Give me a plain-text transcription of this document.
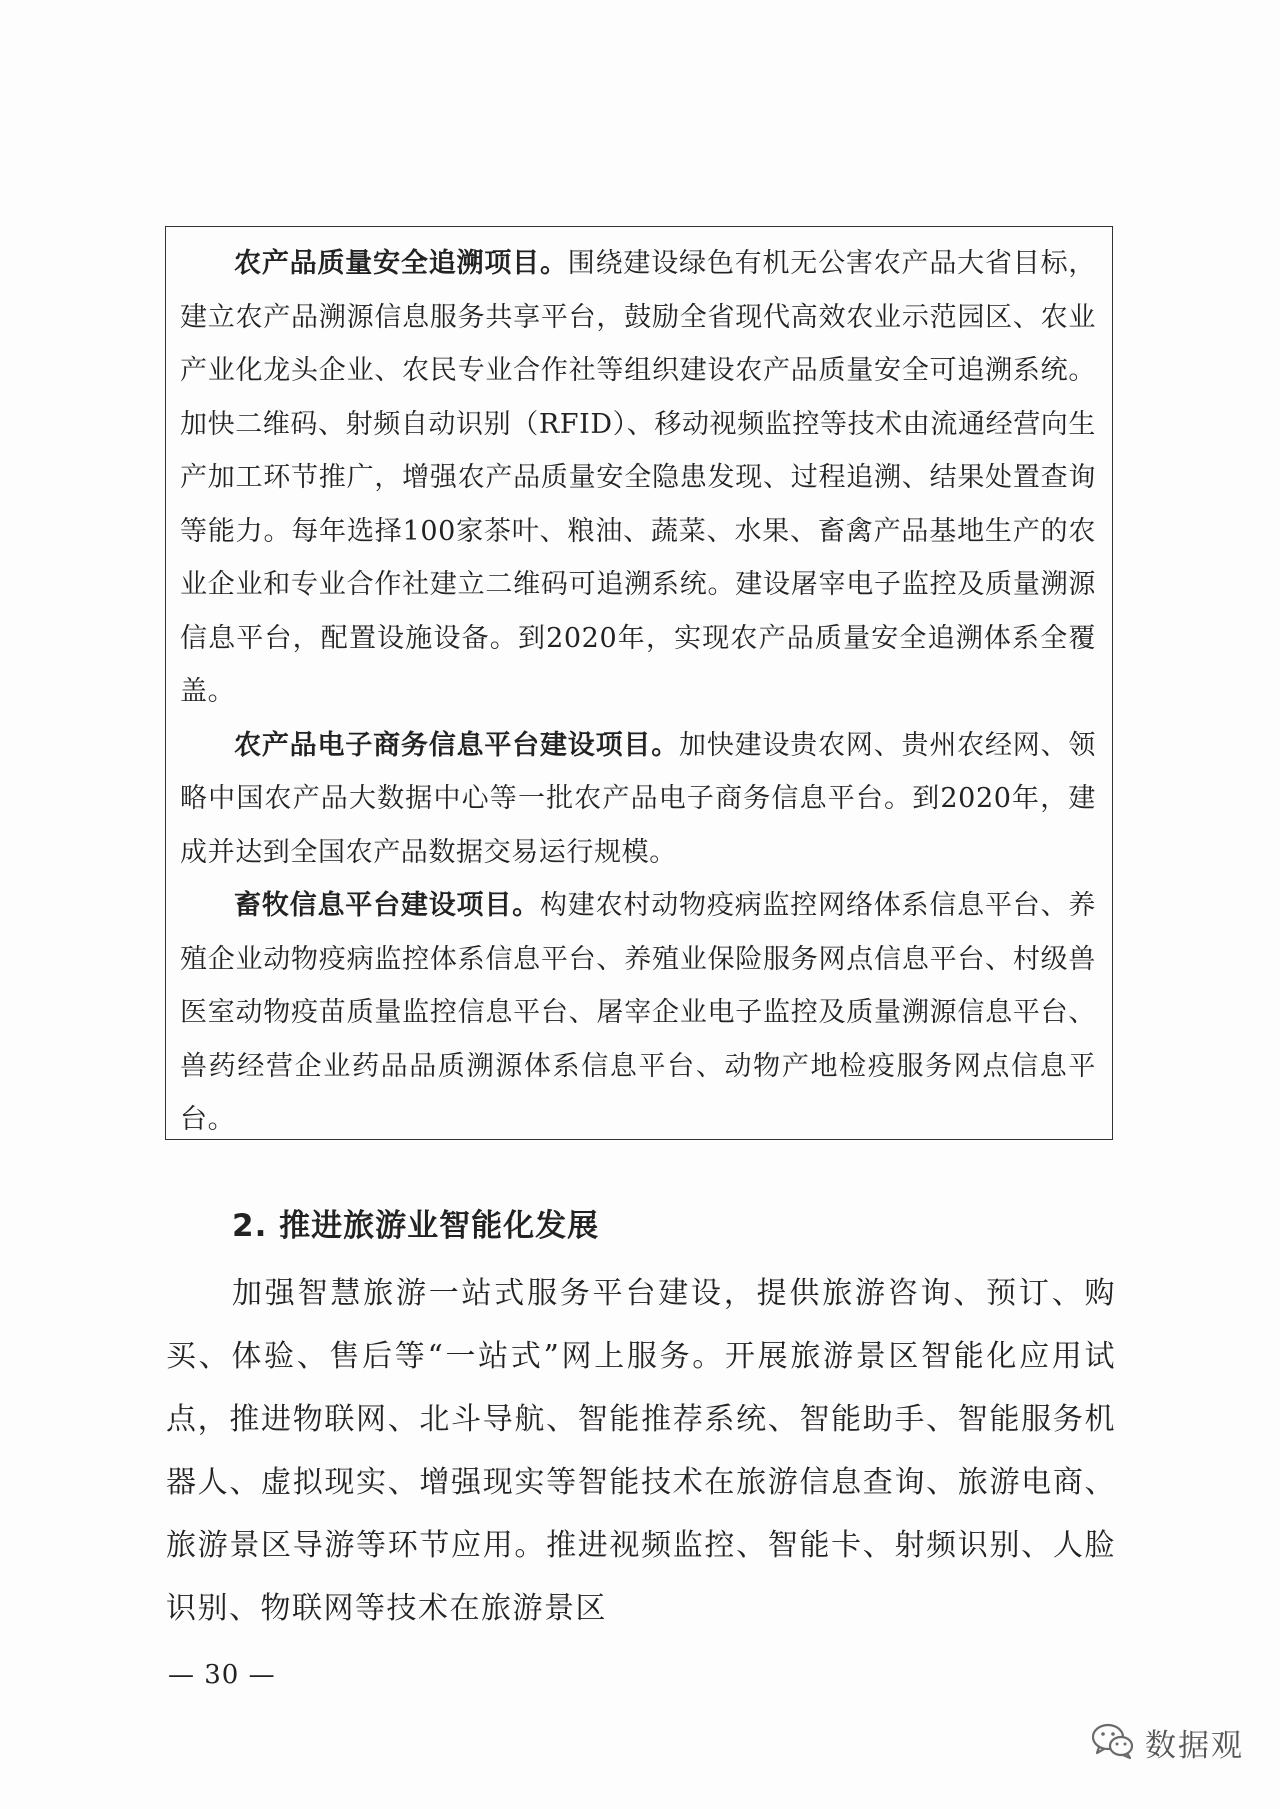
农产品质量安全追溯项目。围绕建设绿色有机无公害农产品大省目标，建立农产品溯源信息服务共享平台，鼓励全省现代高效农业示范园区、农业产业化龙头企业、农民专业合作社等组织建设农产品质量安全可追溯系统。加快二维码、射频自动识别（RFID）、移动视频监控等技术由流通经营向生产加工环节推广，增强农产品质量安全隐患发现、过程追溯、结果处置查询等能力。每年选择100家茶叶、粮油、蔬菜、水果、畜禽产品基地生产的农业企业和专业合作社建立二维码可追溯系统。建设屠宰电子监控及质量溯源信息平台，配置设施设备。到2020年，实现农产品质量安全追溯体系全覆盖。

农产品电子商务信息平台建设项目。加快建设贵农网、贵州农经网、领略中国农产品大数据中心等一批农产品电子商务信息平台。到2020年，建成并达到全国农产品数据交易运行规模。

畜牧信息平台建设项目。构建农村动物疫病监控网络体系信息平台、养殖企业动物疫病监控体系信息平台、养殖业保险服务网点信息平台、村级兽医室动物疫苗质量监控信息平台、屠宰企业电子监控及质量溯源信息平台、兽药经营企业药品品质溯源体系信息平台、动物产地检疫服务网点信息平台。

2. 推进旅游业智能化发展

加强智慧旅游一站式服务平台建设，提供旅游咨询、预订、购买、体验、售后等“一站式”网上服务。开展旅游景区智能化应用试点，推进物联网、北斗导航、智能推荐系统、智能助手、智能服务机器人、虚拟现实、增强现实等智能技术在旅游信息查询、旅游电商、旅游景区导游等环节应用。推进视频监控、智能卡、射频识别、人脸识别、物联网等技术在旅游景区

— 30 —
数据观
